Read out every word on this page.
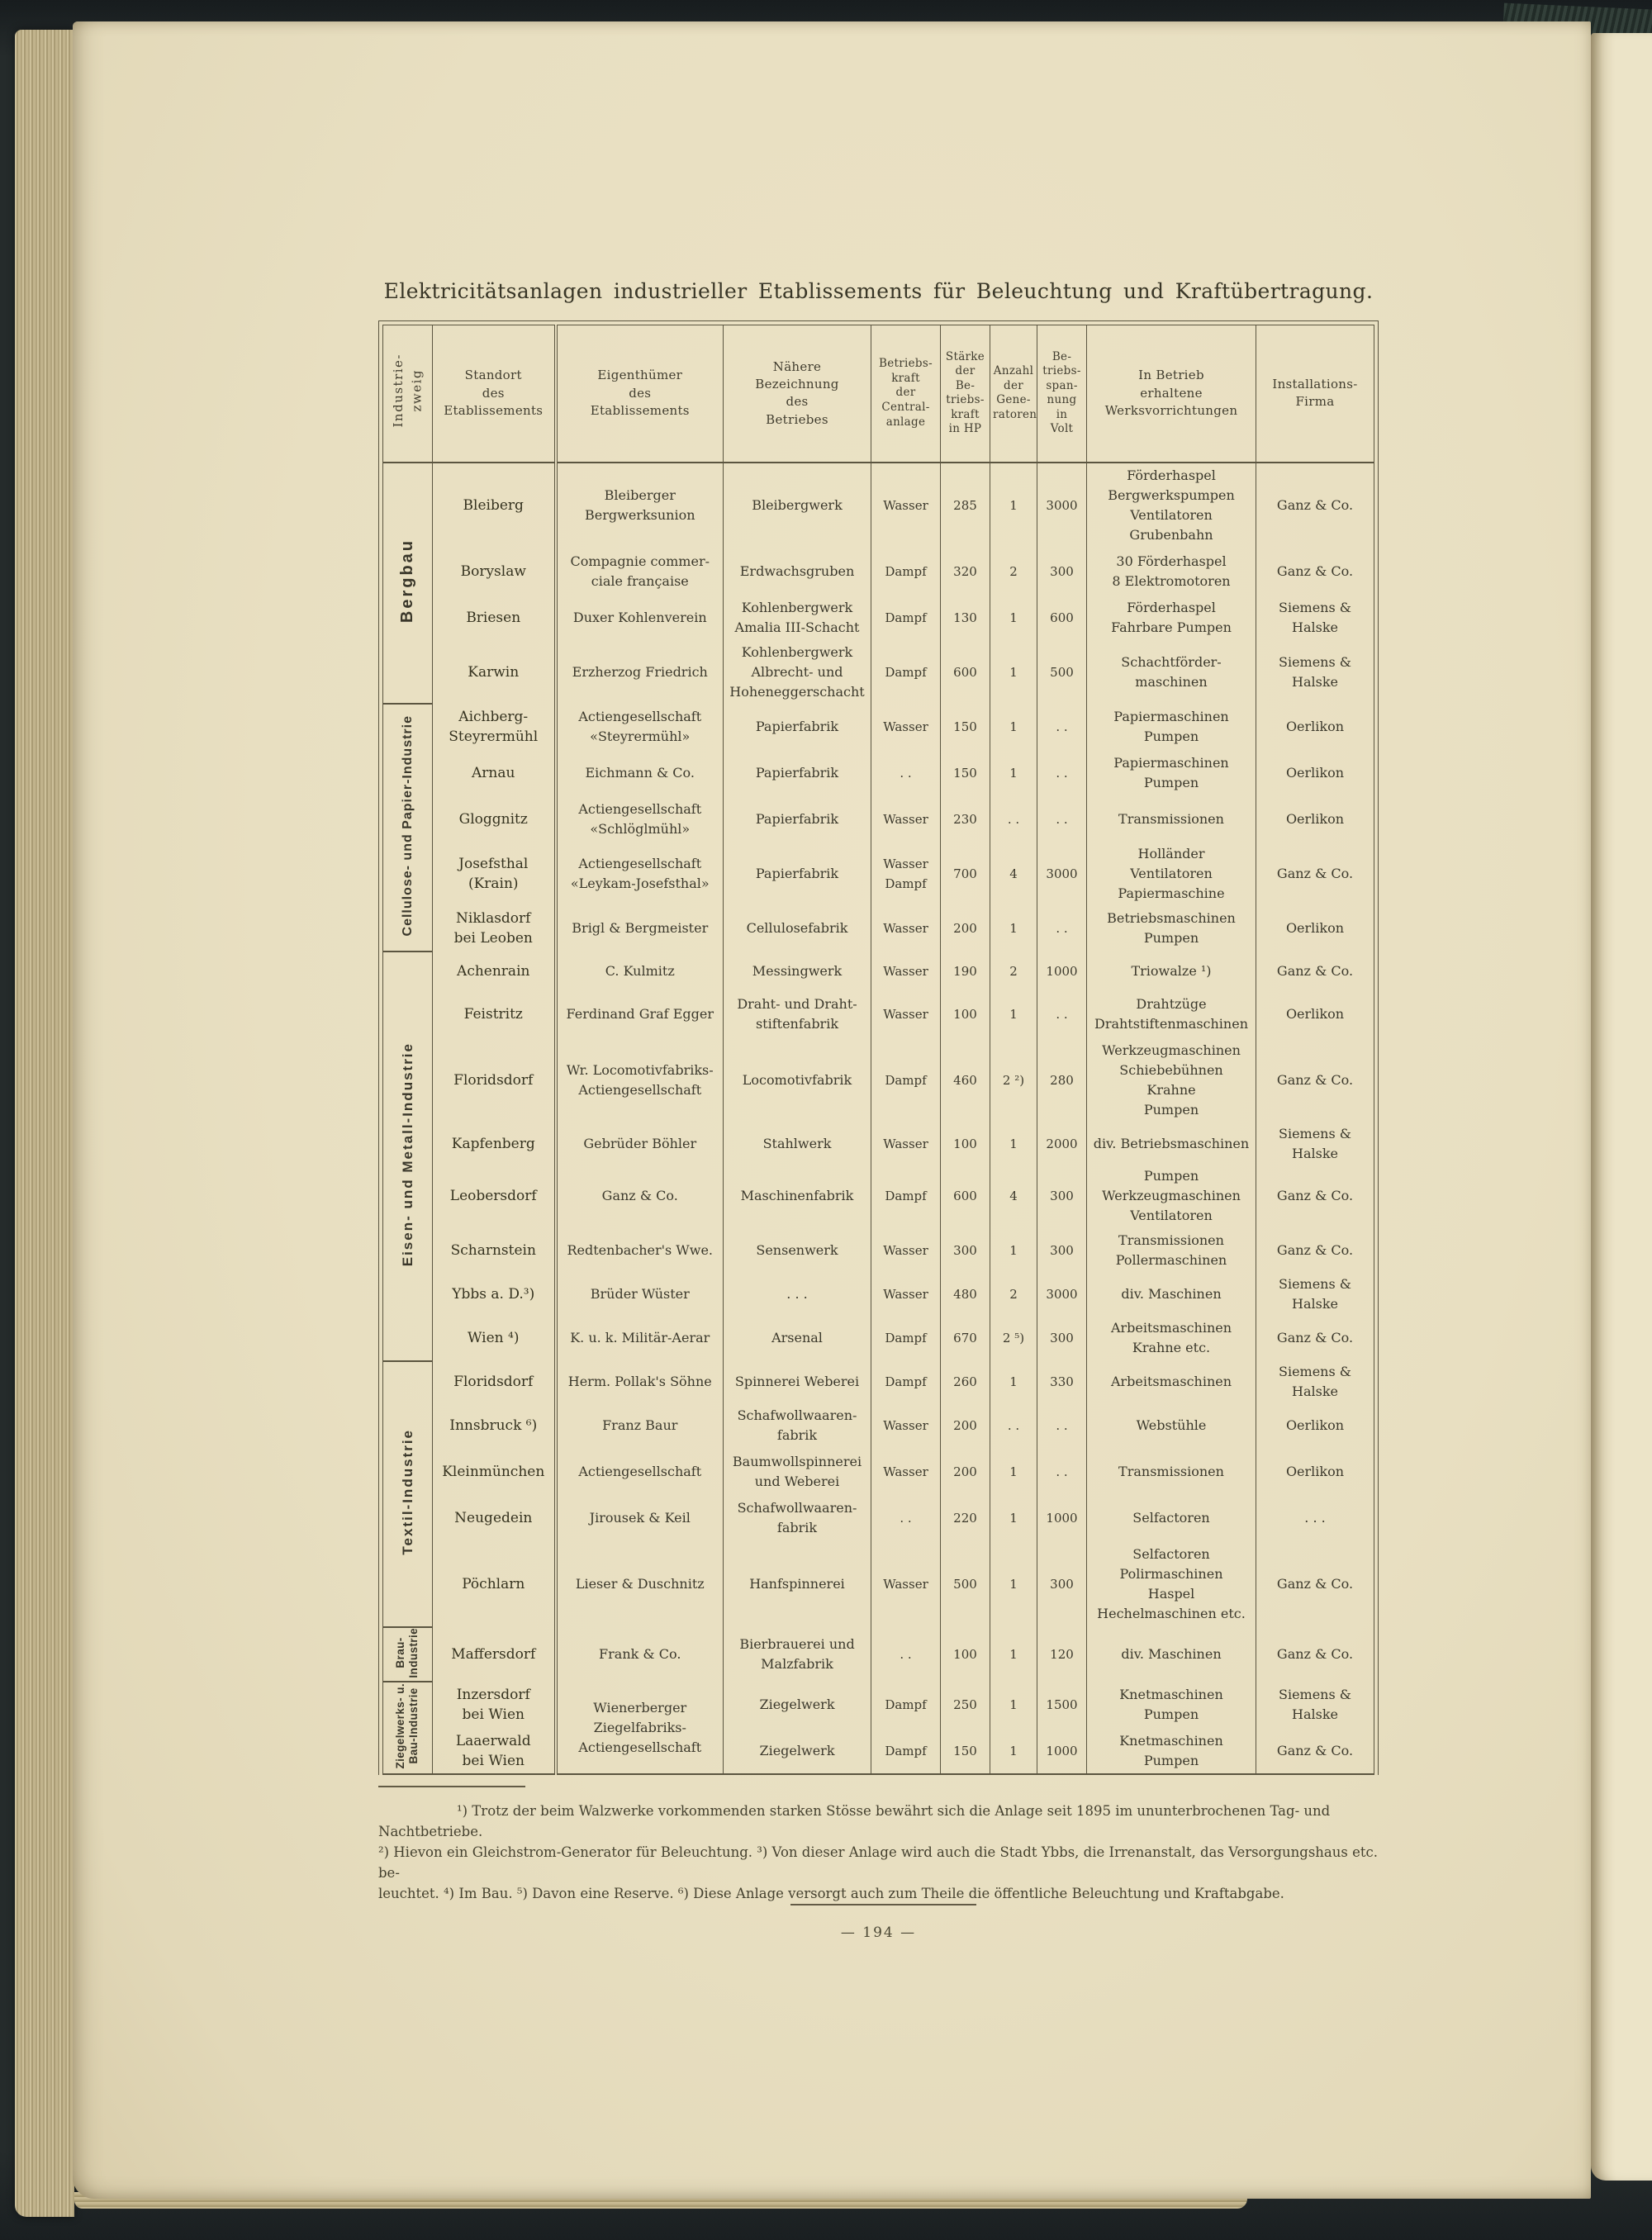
Elektricitätsanlagen industrieller Etablissements für Beleuchtung und Kraftübertragung.
Industrie-
zweig	Standort
des
Etablissements	Eigenthümer
des
Etablissements	Nähere
Bezeichnung
des
Betriebes	Betriebs-
kraft
der
Central-
anlage	Stärke
der
Be-
triebs-
kraft
in HP	Anzahl
der
Gene-
ratoren	Be-
triebs-
span-
nung
in
Volt	In Betrieb
erhaltene
Werksvorrichtungen	Installations-
Firma
Bergbau	Bleiberg	Bleiberger
Bergwerksunion	Bleibergwerk	Wasser	285	1	3000	Förderhaspel
Bergwerkspumpen
Ventilatoren
Grubenbahn	Ganz & Co.
	Boryslaw	Compagnie commer-
ciale française	Erdwachsgruben	Dampf	320	2	300	30 Förderhaspel
8 Elektromotoren	Ganz & Co.
	Briesen	Duxer Kohlenverein	Kohlenbergwerk
Amalia III-Schacht	Dampf	130	1	600	Förderhaspel
Fahrbare Pumpen	Siemens & Halske
	Karwin	Erzherzog Friedrich	Kohlenbergwerk
Albrecht- und
Hoheneggerschacht	Dampf	600	1	500	Schachtförder-
maschinen	Siemens & Halske
Cellulose- und Papier-Industrie	Aichberg-
Steyrermühl	Actiengesellschaft
«Steyrermühl»	Papierfabrik	Wasser	150	1	. .	Papiermaschinen
Pumpen	Oerlikon
	Arnau	Eichmann & Co.	Papierfabrik	. .	150	1	. .	Papiermaschinen
Pumpen	Oerlikon
	Gloggnitz	Actiengesellschaft
«Schlöglmühl»	Papierfabrik	Wasser	230	. .	. .	Transmissionen	Oerlikon
	Josefsthal
(Krain)	Actiengesellschaft
«Leykam-Josefsthal»	Papierfabrik	Wasser
Dampf	700	4	3000	Holländer
Ventilatoren
Papiermaschine	Ganz & Co.
	Niklasdorf
bei Leoben	Brigl & Bergmeister	Cellulosefabrik	Wasser	200	1	. .	Betriebsmaschinen
Pumpen	Oerlikon
Eisen- und Metall-Industrie	Achenrain	C. Kulmitz	Messingwerk	Wasser	190	2	1000	Triowalze ¹)	Ganz & Co.
	Feistritz	Ferdinand Graf Egger	Draht- und Draht-
stiftenfabrik	Wasser	100	1	. .	Drahtzüge
Drahtstiftenmaschinen	Oerlikon
	Floridsdorf	Wr. Locomotivfabriks-
Actiengesellschaft	Locomotivfabrik	Dampf	460	2 ²)	280	Werkzeugmaschinen
Schiebebühnen
Krahne
Pumpen	Ganz & Co.
	Kapfenberg	Gebrüder Böhler	Stahlwerk	Wasser	100	1	2000	div. Betriebsmaschinen	Siemens & Halske
	Leobersdorf	Ganz & Co.	Maschinenfabrik	Dampf	600	4	300	Pumpen
Werkzeugmaschinen
Ventilatoren	Ganz & Co.
	Scharnstein	Redtenbacher's Wwe.	Sensenwerk	Wasser	300	1	300	Transmissionen
Pollermaschinen	Ganz & Co.
	Ybbs a. D.³)	Brüder Wüster	. . .	Wasser	480	2	3000	div. Maschinen	Siemens & Halske
	Wien ⁴)	K. u. k. Militär-Aerar	Arsenal	Dampf	670	2 ⁵)	300	Arbeitsmaschinen
Krahne etc.	Ganz & Co.
Textil-Industrie	Floridsdorf	Herm. Pollak's Söhne	Spinnerei Weberei	Dampf	260	1	330	Arbeitsmaschinen	Siemens & Halske
	Innsbruck ⁶)	Franz Baur	Schafwollwaaren-
fabrik	Wasser	200	. .	. .	Webstühle	Oerlikon
	Kleinmünchen	Actiengesellschaft	Baumwollspinnerei
und Weberei	Wasser	200	1	. .	Transmissionen	Oerlikon
	Neugedein	Jirousek & Keil	Schafwollwaaren-
fabrik	. .	220	1	1000	Selfactoren	. . .
	Pöchlarn	Lieser & Duschnitz	Hanfspinnerei	Wasser	500	1	300	Selfactoren
Polirmaschinen
Haspel
Hechelmaschinen etc.	Ganz & Co.
Brau-
Industrie	Maffersdorf	Frank & Co.	Bierbrauerei und
Malzfabrik	. .	100	1	120	div. Maschinen	Ganz & Co.
Ziegelwerks- u.
Bau-Industrie	Inzersdorf
bei Wien	Wienerberger
Ziegelfabriks-
Actiengesellschaft	Ziegelwerk	Dampf	250	1	1500	Knetmaschinen
Pumpen	Siemens & Halske
	Laaerwald
bei Wien		Ziegelwerk	Dampf	150	1	1000	Knetmaschinen
Pumpen	Ganz & Co.
¹) Trotz der beim Walzwerke vorkommenden starken Stösse bewährt sich die Anlage seit 1895 im ununterbrochenen Tag- und Nachtbetriebe.
²) Hievon ein Gleichstrom-Generator für Beleuchtung. ³) Von dieser Anlage wird auch die Stadt Ybbs, die Irrenanstalt, das Versorgungshaus etc. be-
leuchtet. ⁴) Im Bau. ⁵) Davon eine Reserve. ⁶) Diese Anlage versorgt auch zum Theile die öffentliche Beleuchtung und Kraftabgabe.
— 194 —
